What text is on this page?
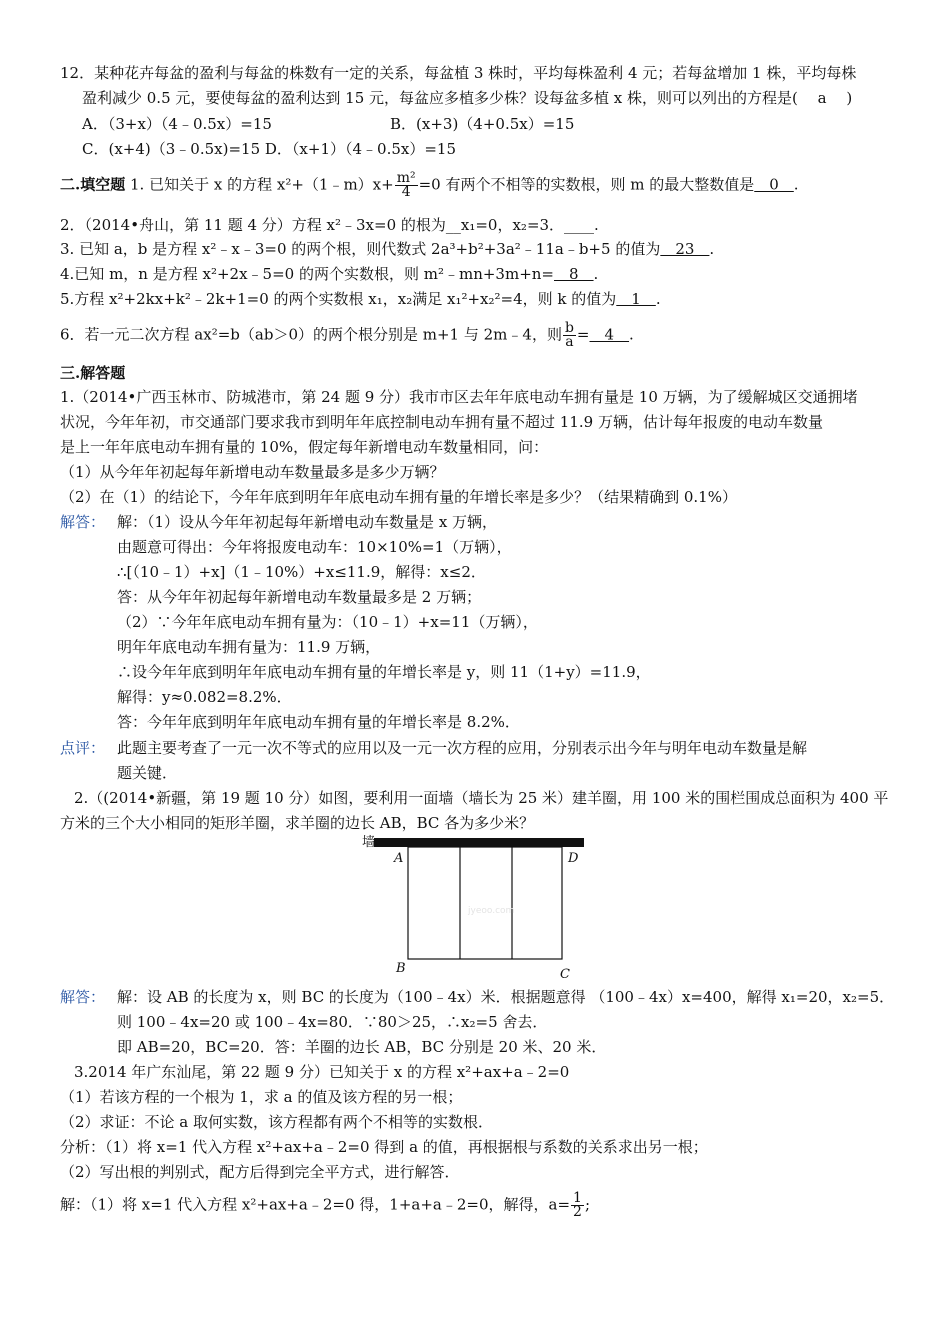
12．某种花卉每盆的盈利与每盆的株数有一定的关系，每盆植 3 株时，平均每株盈利 4 元；若每盆增加 1 株，平均每株
盈利减少 0.5 元，要使每盆的盈利达到 15 元，每盆应多植多少株？设每盆多植 x 株，则可以列出的方程是(　 a 　)
A．（3+x）（4﹣0.5x）=15	B．(x+3)（4+0.5x）=15
C．(x+4)（3﹣0.5x)=15 D．（x+1）（4﹣0.5x）=15
二.填空题 1. 已知关于 x 的方程 x²+（1﹣m）x+ $\frac{\text{m²}}{4} =0$ 有两个不相等的实数根，则 m 的最大整数值是　0　.
2．（2014•舟山，第 11 题 4 分）方程 x²﹣3x=0 的根为__x₁=0，x₂=3．____.
3. 已知 a，b 是方程 x²﹣x﹣3=0 的两个根，则代数式 2a³+b²+3a²﹣11a﹣b+5 的值为　23　.
4.已知 m，n 是方程 x²+2x﹣5=0 的两个实数根，则 m²﹣mn+3m+n=　8　.
5.方程 x²+2kx+k²﹣2k+1=0 的两个实数根 x₁，x₂满足 x₁²+x₂²=4，则 k 的值为　1　.
6．若一元二次方程 ax²=b（ab＞0）的两个根分别是 m+1 与 2m﹣4，则 $\frac{b}{a}$ =　4　.
三.解答题
1.（2014•广西玉林市、防城港市，第 24 题 9 分）我市市区去年年底电动车拥有量是 10 万辆，为了缓解城区交通拥堵
状况，今年年初，市交通部门要求我市到明年年底控制电动车拥有量不超过 11.9 万辆，估计每年报废的电动车数量
是上一年年底电动车拥有量的 10%，假定每年新增电动车数量相同，问：
（1）从今年年初起每年新增电动车数量最多是多少万辆？
（2）在（1）的结论下，今年年底到明年年底电动车拥有量的年增长率是多少？（结果精确到 0.1%）
解答： 解：（1）设从今年年初起每年新增电动车数量是 x 万辆，
由题意可得出：今年将报废电动车：10×10%=1（万辆），
∴[（10﹣1）+x]（1﹣10%）+x≤11.9，解得：x≤2．
答：从今年年初起每年新增电动车数量最多是 2 万辆；
（2）∵今年年底电动车拥有量为：（10﹣1）+x=11（万辆），
明年年底电动车拥有量为：11.9 万辆，
∴设今年年底到明年年底电动车拥有量的年增长率是 y，则 11（1+y）=11.9，
解得：y≈0.082=8.2%．
答：今年年底到明年年底电动车拥有量的年增长率是 8.2%．
点评： 此题主要考查了一元一次不等式的应用以及一元一次方程的应用，分别表示出今年与明年电动车数量是解
题关键．
2.（(2014•新疆，第 19 题 10 分）如图，要利用一面墙（墙长为 25 米）建羊圈，用 100 米的围栏围成总面积为 400 平
方米的三个大小相同的矩形羊圈，求羊圈的边长 AB，BC 各为多少米？
墙
A	D
B	C
jyeoo.com
解答： 解：设 AB 的长度为 x，则 BC 的长度为（100﹣4x）米．根据题意得 （100﹣4x）x=400，解得 x₁=20，x₂=5．
则 100﹣4x=20 或 100﹣4x=80．∵80＞25，∴x₂=5 舍去．
即 AB=20，BC=20．答：羊圈的边长 AB，BC 分别是 20 米、20 米．
3.2014 年广东汕尾，第 22 题 9 分）已知关于 x 的方程 x²+ax+a﹣2=0
（1）若该方程的一个根为 1，求 a 的值及该方程的另一根；
（2）求证：不论 a 取何实数，该方程都有两个不相等的实数根．
分析：（1）将 x=1 代入方程 x²+ax+a﹣2=0 得到 a 的值，再根据根与系数的关系求出另一根；
（2）写出根的判别式，配方后得到完全平方式，进行解答．
解：（1）将 x=1 代入方程 x²+ax+a﹣2=0 得，1+a+a﹣2=0，解得，$a= \frac{1}{2}$ ;
